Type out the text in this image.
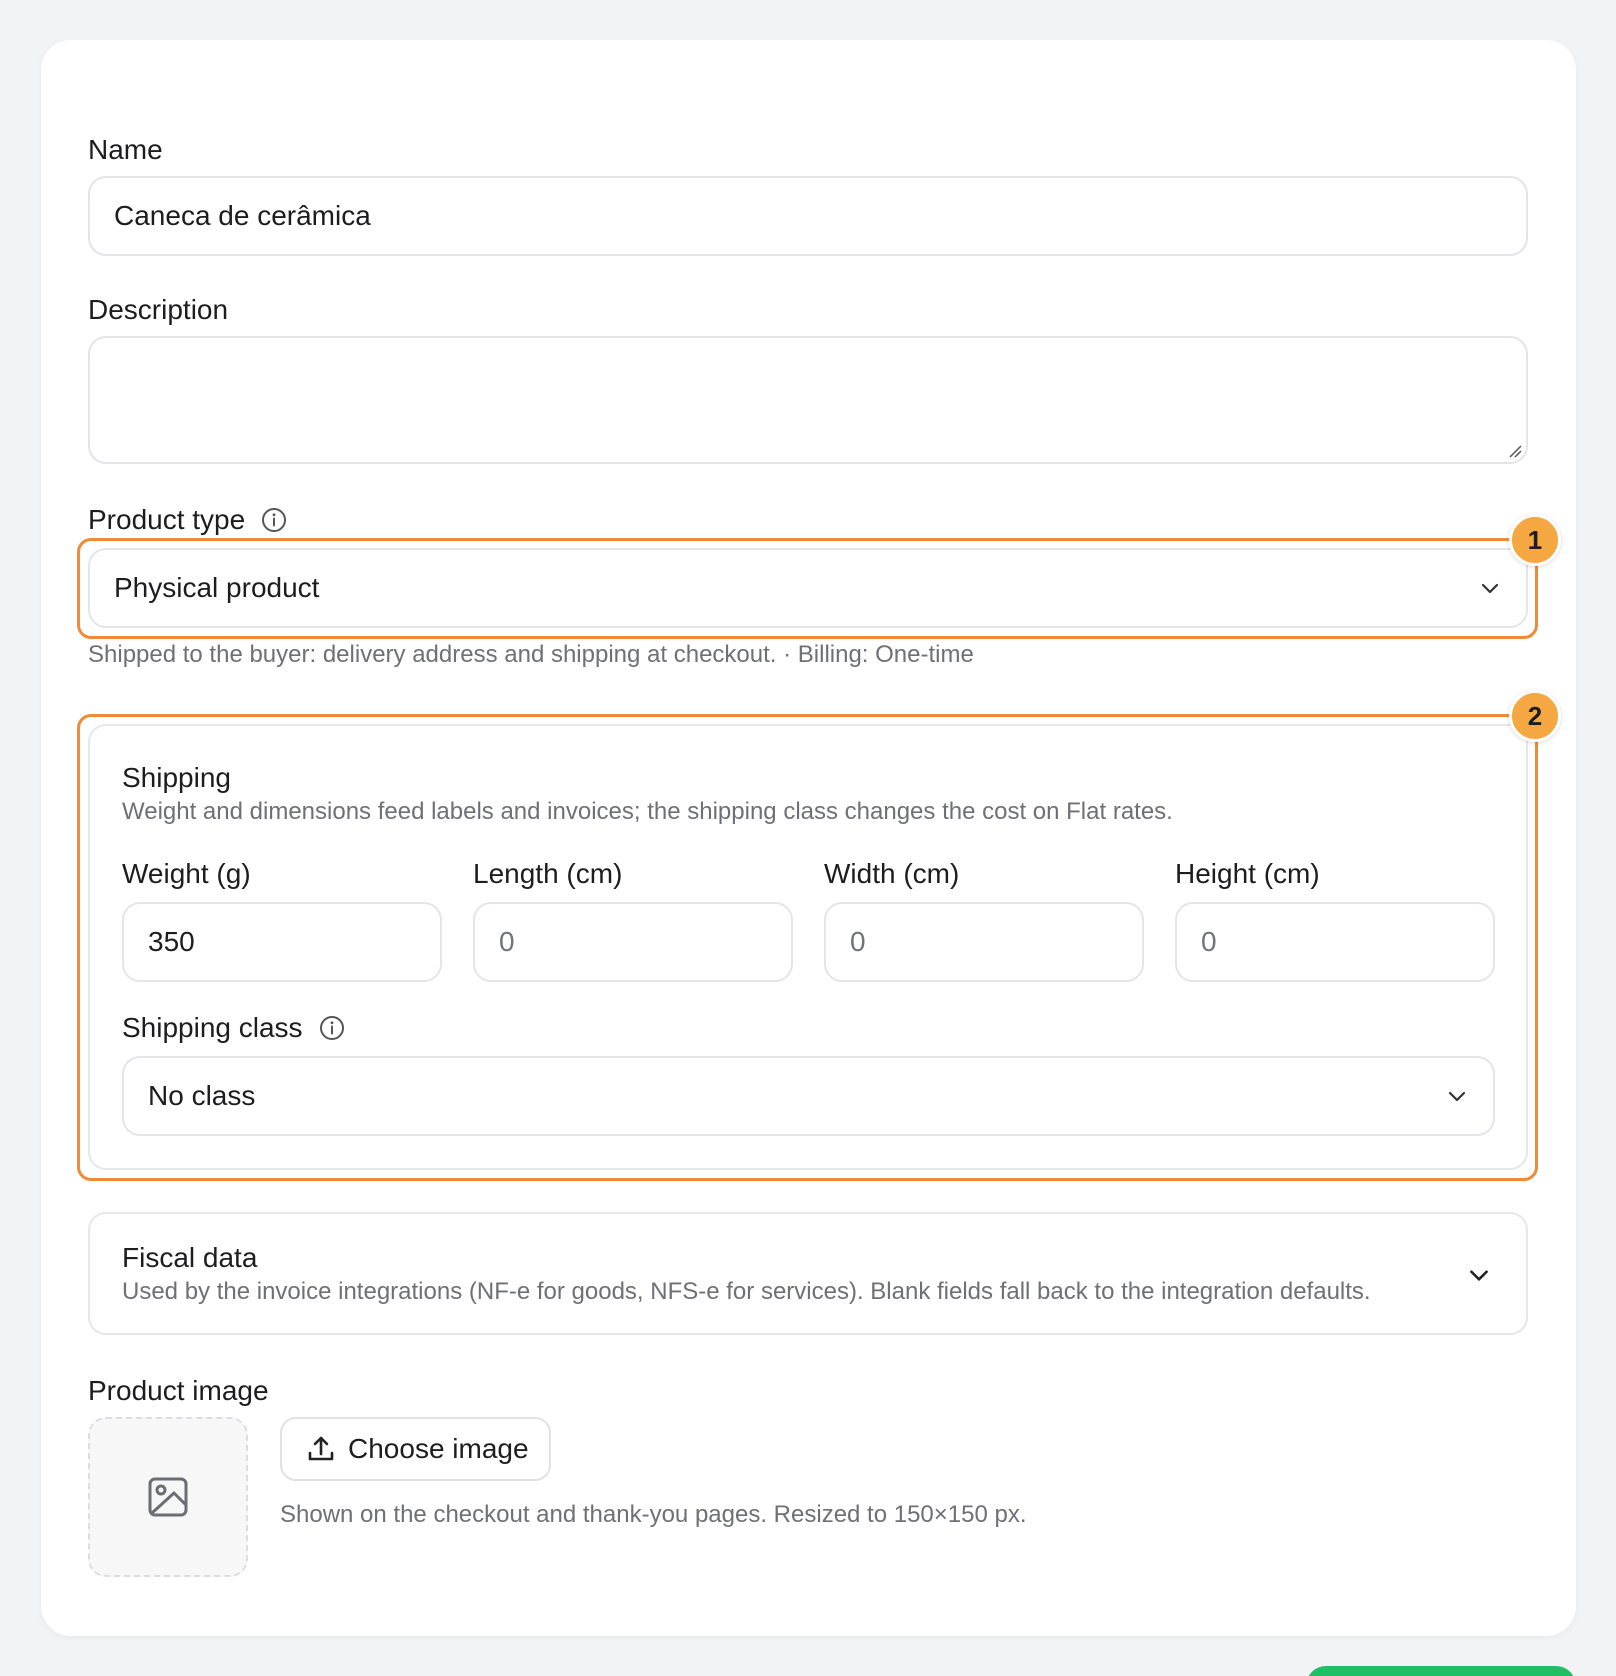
Name
Caneca de cerâmica
Description
Product type
Physical product
Shipped to the buyer: delivery address and shipping at checkout. · Billing: One-time
1
Shipping
Weight and dimensions feed labels and invoices; the shipping class changes the cost on Flat rates.
Weight (g)
350
Length (cm)
0
Width (cm)
0
Height (cm)
0
Shipping class
No class
2
Fiscal data
Used by the invoice integrations (NF-e for goods, NFS-e for services). Blank fields fall back to the integration defaults.
Product image
Choose image
Shown on the checkout and thank-you pages. Resized to 150×150 px.
